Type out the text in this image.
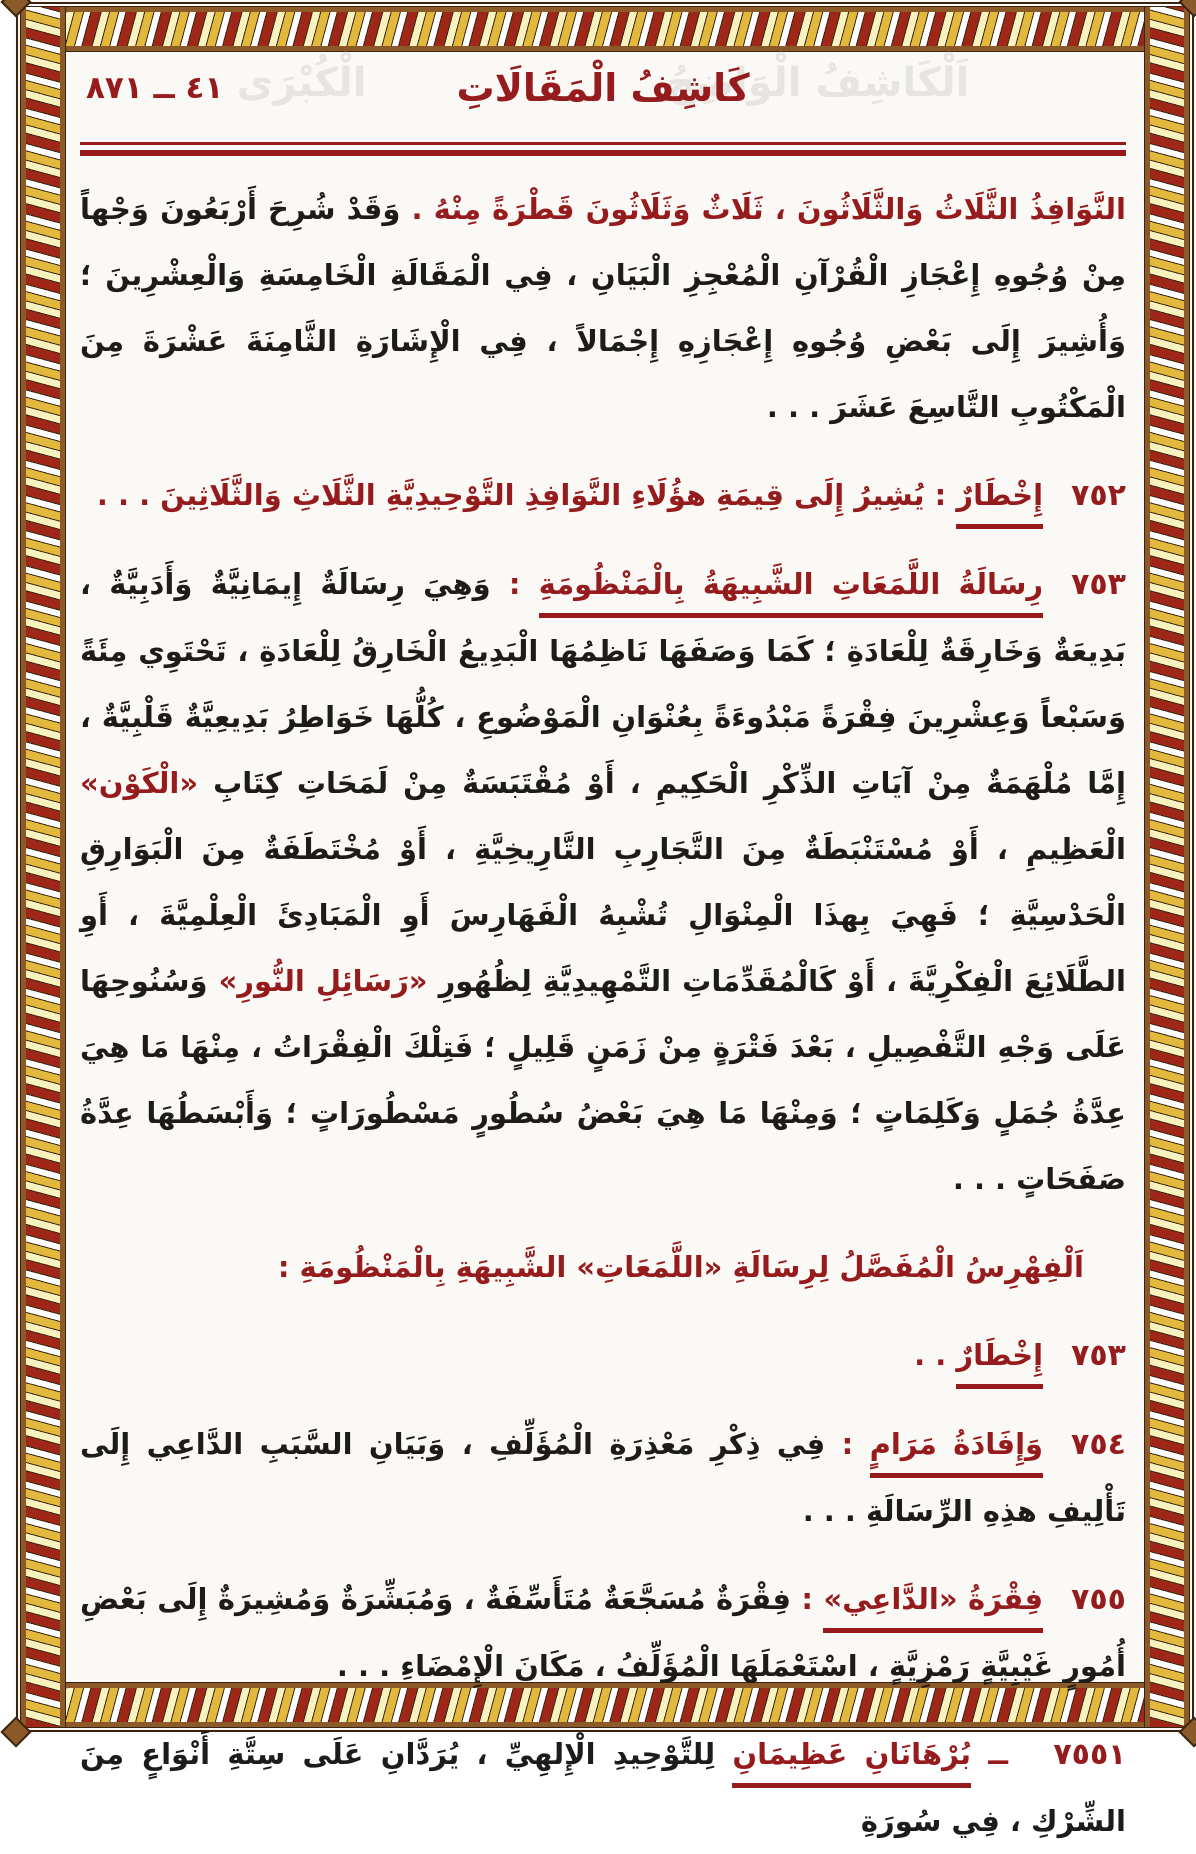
اَلْكَاشِفُ الْوَاضِحُ
الْكُبْرَى
٤١ ــ ٨٧١	كَاشِفُ الْمَقَالَاتِ

النَّوَافِذُ الثَّلَاثُ وَالثَّلَاثُونَ ، ثَلَاثٌ وَثَلَاثُونَ قَطْرَةً مِنْهُ . وَقَدْ شُرِحَ أَرْبَعُونَ وَجْهاً مِنْ وُجُوهِ إِعْجَازِ الْقُرْآنِ الْمُعْجِزِ الْبَيَانِ ، فِي الْمَقَالَةِ الْخَامِسَةِ وَالْعِشْرِينَ ؛ وَأُشِيرَ إِلَى بَعْضِ وُجُوهِ إِعْجَازِهِ إِجْمَالاً ، فِي الْإِشَارَةِ الثَّامِنَةَ عَشْرَةَ مِنَ الْمَكْتُوبِ التَّاسِعَ عَشَرَ . . .

٧٥٢إِخْطَارٌ : يُشِيرُ إِلَى قِيمَةِ هؤُلَاءِ النَّوَافِذِ التَّوْحِيدِيَّةِ الثَّلَاثِ وَالثَّلَاثِينَ . . .

٧٥٣رِسَالَةُ اللَّمَعَاتِ الشَّبِيهَةُ بِالْمَنْظُومَةِ : وَهِيَ رِسَالَةٌ إِيمَانِيَّةٌ وَأَدَبِيَّةٌ ، بَدِيعَةٌ وَخَارِقَةٌ لِلْعَادَةِ ؛ كَمَا وَصَفَهَا نَاظِمُهَا الْبَدِيعُ الْخَارِقُ لِلْعَادَةِ ، تَحْتَوِي مِئَةً وَسَبْعاً وَعِشْرِينَ فِقْرَةً مَبْدُوءَةً بِعُنْوَانِ الْمَوْضُوعِ ، كُلُّهَا خَوَاطِرُ بَدِيعِيَّةٌ قَلْبِيَّةٌ ، إِمَّا مُلْهَمَةٌ مِنْ آيَاتِ الذِّكْرِ الْحَكِيمِ ، أَوْ مُقْتَبَسَةٌ مِنْ لَمَحَاتِ كِتَابِ «الْكَوْن» الْعَظِيمِ ، أَوْ مُسْتَنْبَطَةٌ مِنَ التَّجَارِبِ التَّارِيخِيَّةِ ، أَوْ مُخْتَطَفَةٌ مِنَ الْبَوَارِقِ الْحَدْسِيَّةِ ؛ فَهِيَ بِهذَا الْمِنْوَالِ تُشْبِهُ الْفَهَارِسَ أَوِ الْمَبَادِئَ الْعِلْمِيَّةَ ، أَوِ الطَّلَائِعَ الْفِكْرِيَّةَ ، أَوْ كَالْمُقَدِّمَاتِ التَّمْهِيدِيَّةِ لِظُهُورِ «رَسَائِلِ النُّورِ» وَسُنُوحِهَا عَلَى وَجْهِ التَّفْصِيلِ ، بَعْدَ فَتْرَةٍ مِنْ زَمَنٍ قَلِيلٍ ؛ فَتِلْكَ الْفِقْرَاتُ ، مِنْهَا مَا هِيَ عِدَّةُ جُمَلٍ وَكَلِمَاتٍ ؛ وَمِنْهَا مَا هِيَ بَعْضُ سُطُورٍ مَسْطُورَاتٍ ؛ وَأَبْسَطُهَا عِدَّةُ صَفَحَاتٍ . . .

اَلْفِهْرِسُ الْمُفَصَّلُ لِرِسَالَةِ «اللَّمَعَاتِ» الشَّبِيهَةِ بِالْمَنْظُومَةِ :

٧٥٣إِخْطَارٌ . .

٧٥٤وَإِفَادَةُ مَرَامٍ : فِي ذِكْرِ مَعْذِرَةِ الْمُؤَلِّفِ ، وَبَيَانِ السَّبَبِ الدَّاعِي إِلَى تَأْلِيفِ هذِهِ الرِّسَالَةِ . . .

٧٥٥فِقْرَةُ «الدَّاعِي» : فِقْرَةٌ مُسَجَّعَةٌ مُتَأَسِّفَةٌ ، وَمُبَشِّرَةٌ وَمُشِيرَةٌ إِلَى بَعْضِ أُمُورٍ غَيْبِيَّةٍ رَمْزِيَّةٍ ، اسْتَعْمَلَهَا الْمُؤَلِّفُ ، مَكَانَ الْإِمْضَاءِ . . .

٧٥٥١ ــ بُرْهَانَانِ عَظِيمَانِ لِلتَّوْحِيدِ الْإِلهِيِّ ، يُرَدَّانِ عَلَى سِتَّةِ أَنْوَاعٍ مِنَ الشِّرْكِ ، فِي سُورَةِ
